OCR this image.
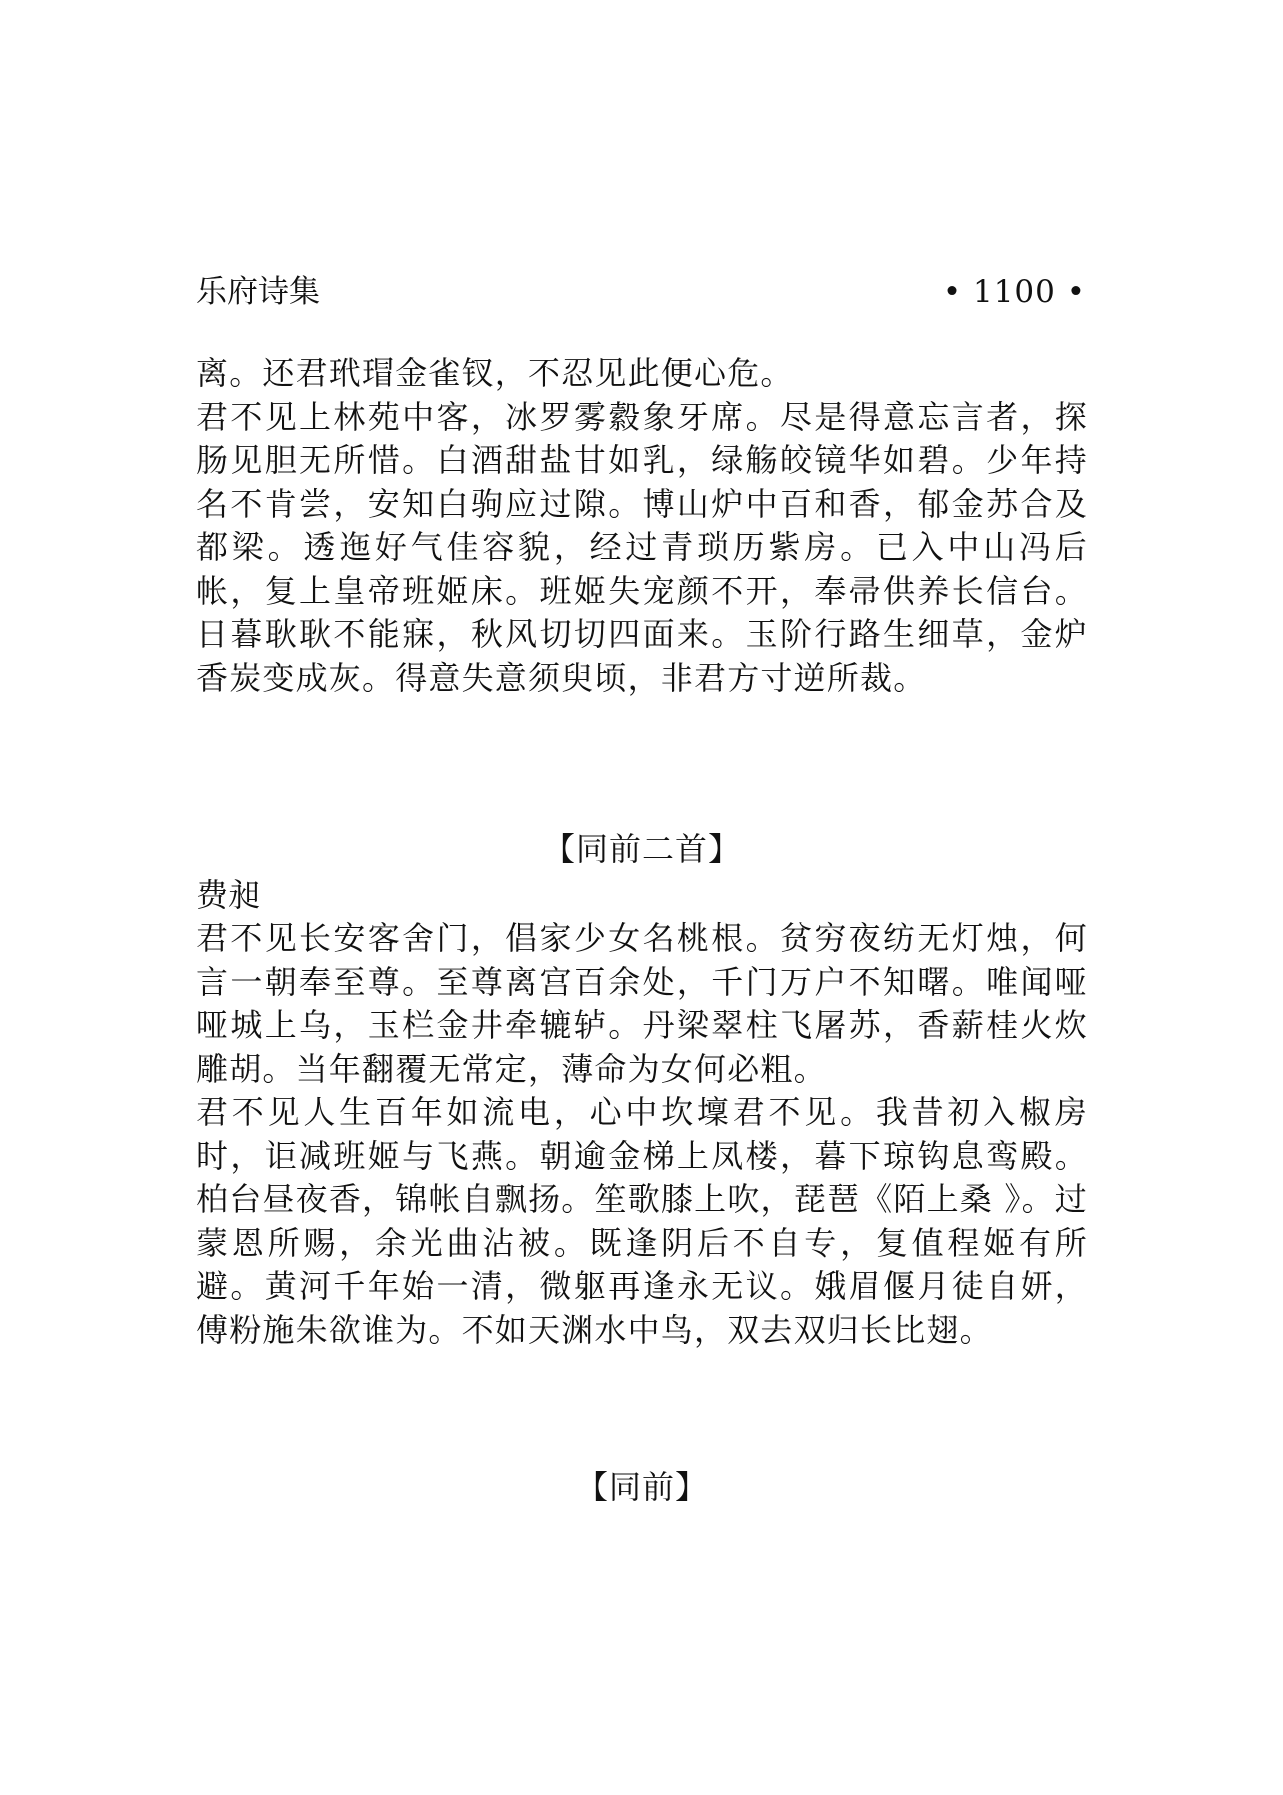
乐府诗集	• 1100 •

离。还君玳瑁金雀钗，不忍见此便心危。

君不见上林苑中客，冰罗雾縠象牙席。尽是得意忘言者，探肠见胆无所惜。白酒甜盐甘如乳，绿觞皎镜华如碧。少年持名不肯尝，安知白驹应过隙。博山炉中百和香，郁金苏合及都梁。透迤好气佳容貌，经过青琐历紫房。已入中山冯后帐，复上皇帝班姬床。班姬失宠颜不开，奉帚供养长信台。日暮耿耿不能寐，秋风切切四面来。玉阶行路生细草，金炉香炭变成灰。得意失意须臾顷，非君方寸逆所裁。

【同前二首】
费昶

君不见长安客舍门，倡家少女名桃根。贫穷夜纺无灯烛，何言一朝奉至尊。至尊离宫百余处，千门万户不知曙。唯闻哑哑城上乌，玉栏金井牵辘轳。丹梁翠柱飞屠苏，香薪桂火炊雕胡。当年翻覆无常定，薄命为女何必粗。

君不见人生百年如流电，心中坎壈君不见。我昔初入椒房时，讵减班姬与飞燕。朝逾金梯上凤楼，暮下琼钩息鸾殿。柏台昼夜香，锦帐自飘扬。笙歌膝上吹，琵琶《陌上桑 》。过蒙恩所赐，余光曲沾被。既逢阴后不自专，复值程姬有所避。黄河千年始一清，微躯再逢永无议。娥眉偃月徒自妍，傅粉施朱欲谁为。不如天渊水中鸟，双去双归长比翅。

【同前】
